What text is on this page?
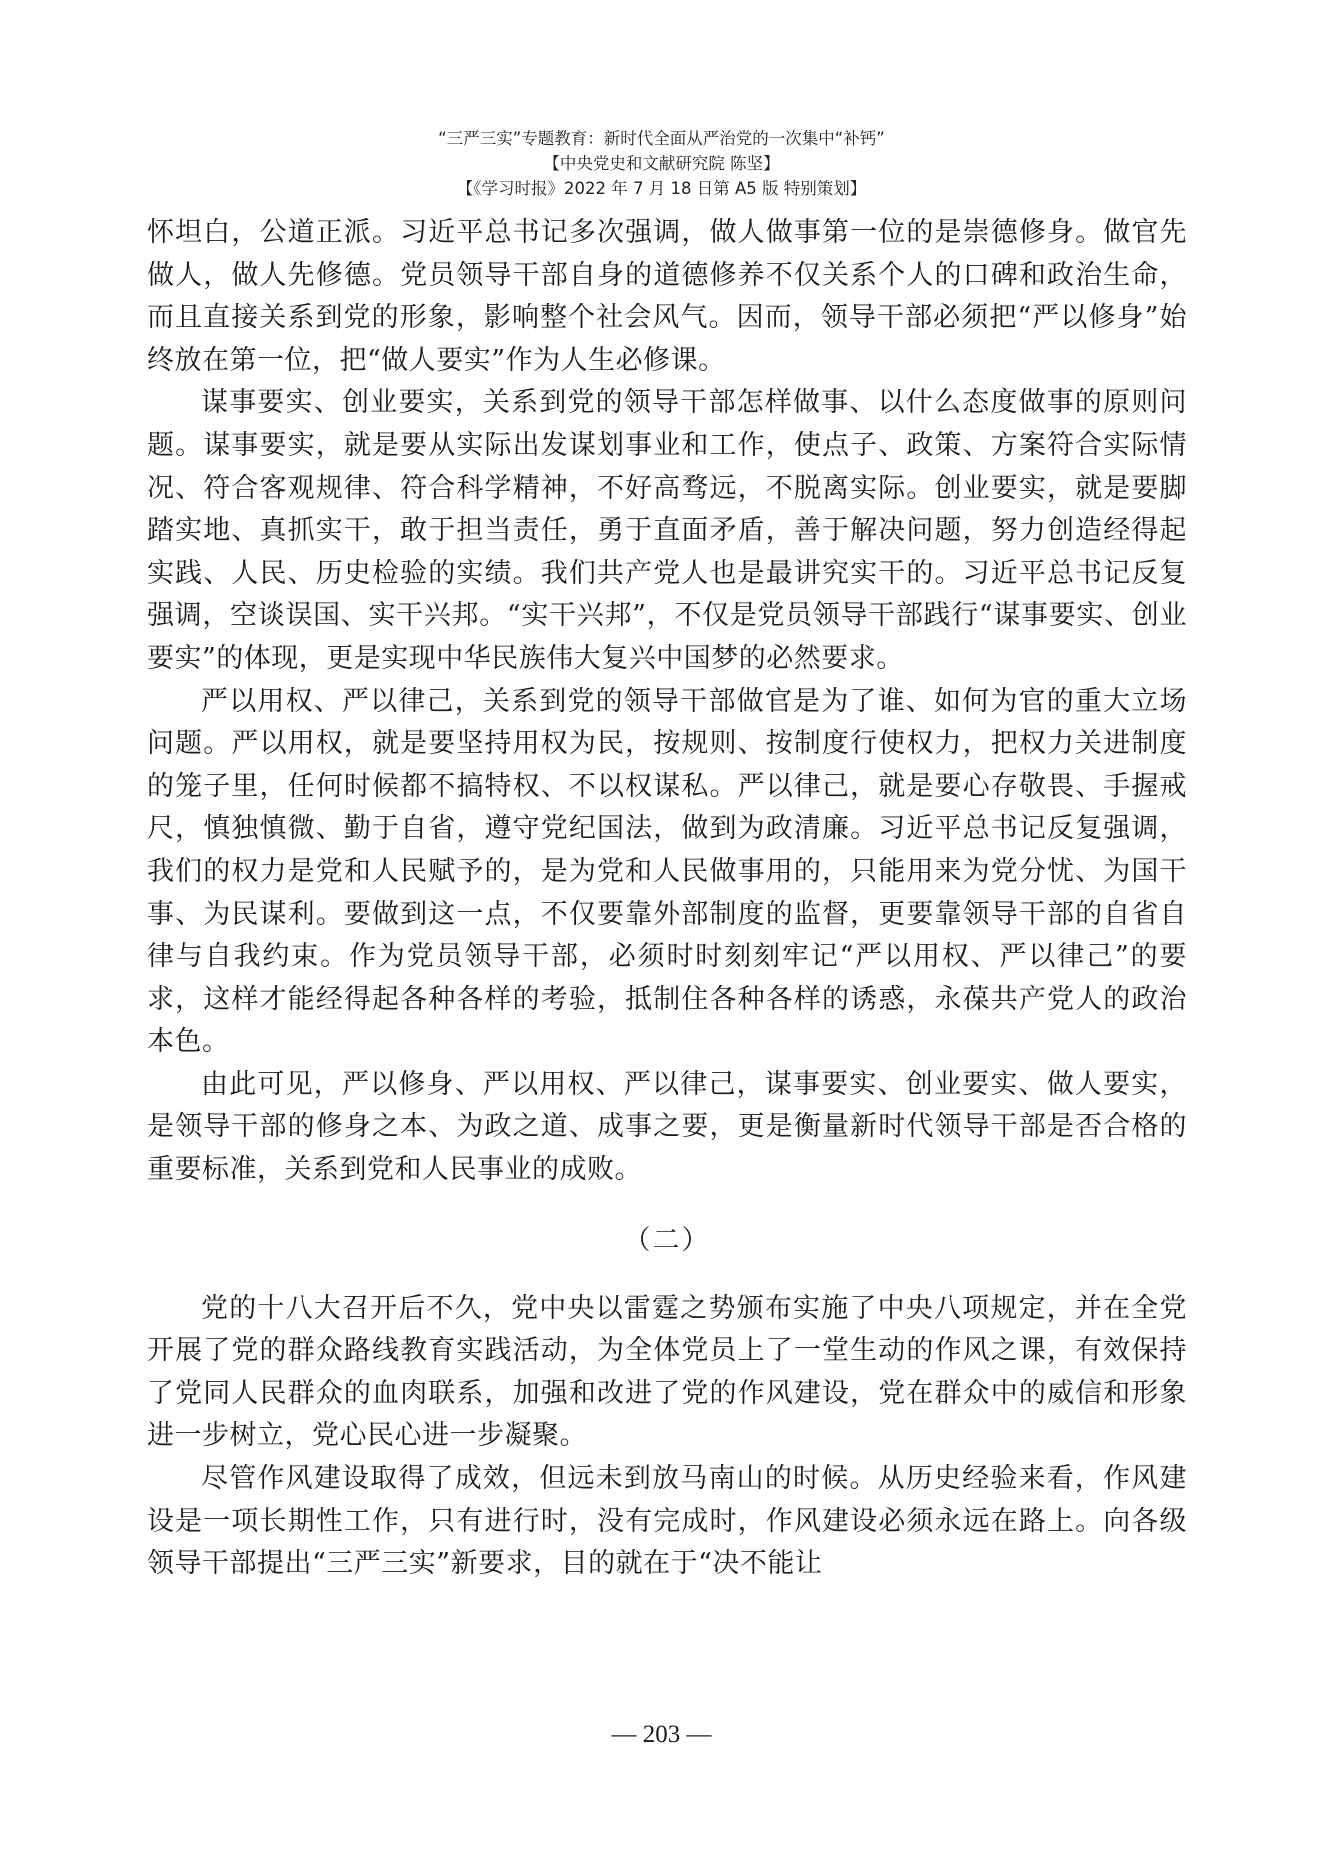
“三严三实”专题教育：新时代全面从严治党的一次集中“补钙”
【中央党史和文献研究院 陈坚】
【《学习时报》2022 年 7 月 18 日第 A5 版 特别策划】

怀坦白，公道正派。习近平总书记多次强调，做人做事第一位的是崇德修身。做官先做人，做人先修德。党员领导干部自身的道德修养不仅关系个人的口碑和政治生命，而且直接关系到党的形象，影响整个社会风气。因而，领导干部必须把“严以修身”始终放在第一位，把“做人要实”作为人生必修课。

谋事要实、创业要实，关系到党的领导干部怎样做事、以什么态度做事的原则问题。谋事要实，就是要从实际出发谋划事业和工作，使点子、政策、方案符合实际情况、符合客观规律、符合科学精神，不好高骛远，不脱离实际。创业要实，就是要脚踏实地、真抓实干，敢于担当责任，勇于直面矛盾，善于解决问题，努力创造经得起实践、人民、历史检验的实绩。我们共产党人也是最讲究实干的。习近平总书记反复强调，空谈误国、实干兴邦。“实干兴邦”，不仅是党员领导干部践行“谋事要实、创业要实”的体现，更是实现中华民族伟大复兴中国梦的必然要求。

严以用权、严以律己，关系到党的领导干部做官是为了谁、如何为官的重大立场问题。严以用权，就是要坚持用权为民，按规则、按制度行使权力，把权力关进制度的笼子里，任何时候都不搞特权、不以权谋私。严以律己，就是要心存敬畏、手握戒尺，慎独慎微、勤于自省，遵守党纪国法，做到为政清廉。习近平总书记反复强调，我们的权力是党和人民赋予的，是为党和人民做事用的，只能用来为党分忧、为国干事、为民谋利。要做到这一点，不仅要靠外部制度的监督，更要靠领导干部的自省自律与自我约束。作为党员领导干部，必须时时刻刻牢记“严以用权、严以律己”的要求，这样才能经得起各种各样的考验，抵制住各种各样的诱惑，永葆共产党人的政治本色。

由此可见，严以修身、严以用权、严以律己，谋事要实、创业要实、做人要实，是领导干部的修身之本、为政之道、成事之要，更是衡量新时代领导干部是否合格的重要标准，关系到党和人民事业的成败。

（二）

党的十八大召开后不久，党中央以雷霆之势颁布实施了中央八项规定，并在全党开展了党的群众路线教育实践活动，为全体党员上了一堂生动的作风之课，有效保持了党同人民群众的血肉联系，加强和改进了党的作风建设，党在群众中的威信和形象进一步树立，党心民心进一步凝聚。

尽管作风建设取得了成效，但远未到放马南山的时候。从历史经验来看，作风建设是一项长期性工作，只有进行时，没有完成时，作风建设必须永远在路上。向各级领导干部提出“三严三实”新要求，目的就在于“决不能让

— 203 —
